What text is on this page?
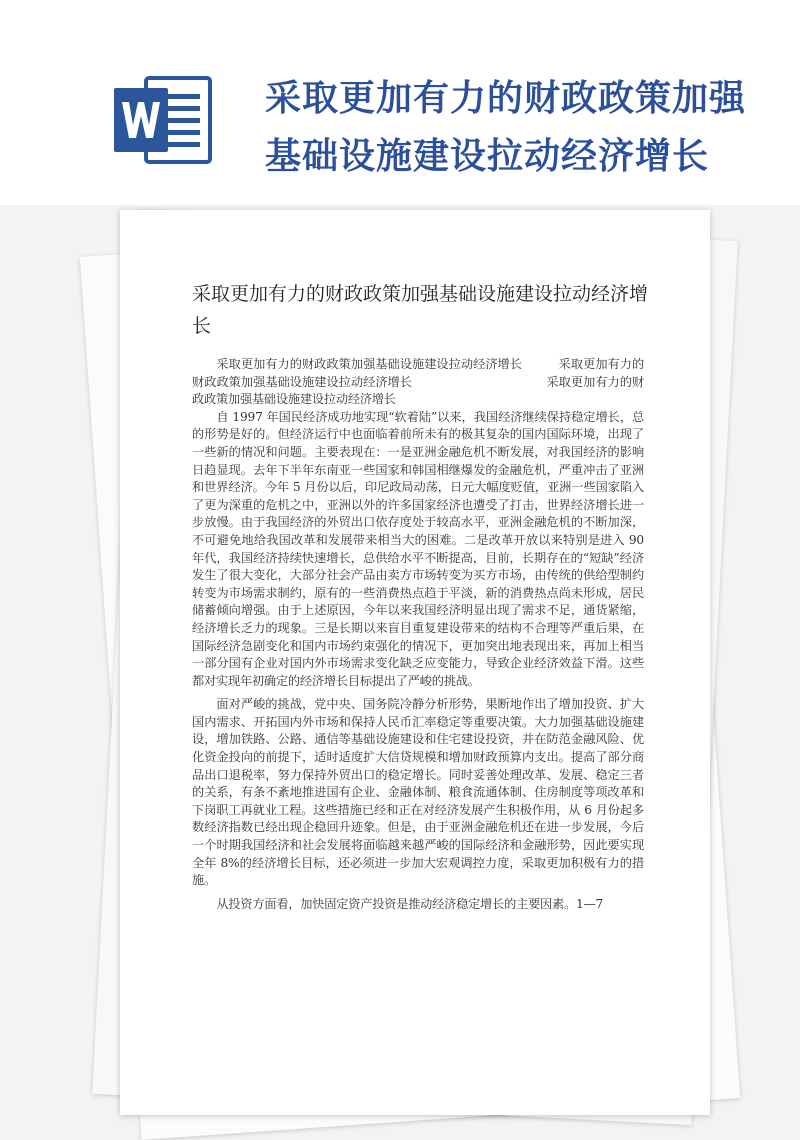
采取更加有力的财政政策加强基础设施建设拉动经济增长
采取更加有力的财政政策加强基础设施建设拉动经济增长

采取更加有力的财政政策加强基础设施建设拉动经济增长　　　采取更加有力的财政政策加强基础设施建设拉动经济增长　　　　　　　　　　　采取更加有力的财政政策加强基础设施建设拉动经济增长

自 1997 年国民经济成功地实现“软着陆”以来，我国经济继续保持稳定增长，总的形势是好的。但经济运行中也面临着前所未有的极其复杂的国内国际环境，出现了一些新的情况和问题。主要表现在：一是亚洲金融危机不断发展，对我国经济的影响日趋显现。去年下半年东南亚一些国家和韩国相继爆发的金融危机，严重冲击了亚洲和世界经济。今年 5 月份以后，印尼政局动荡，日元大幅度贬值，亚洲一些国家陷入了更为深重的危机之中，亚洲以外的许多国家经济也遭受了打击，世界经济增长进一步放慢。由于我国经济的外贸出口依存度处于较高水平，亚洲金融危机的不断加深，不可避免地给我国改革和发展带来相当大的困难。二是改革开放以来特别是进入 90 年代，我国经济持续快速增长，总供给水平不断提高，目前，长期存在的“短缺”经济发生了很大变化，大部分社会产品由卖方市场转变为买方市场，由传统的供给型制约转变为市场需求制约，原有的一些消费热点趋于平淡，新的消费热点尚未形成，居民储蓄倾向增强。由于上述原因，今年以来我国经济明显出现了需求不足，通货紧缩，经济增长乏力的现象。三是长期以来盲目重复建设带来的结构不合理等严重后果，在国际经济急剧变化和国内市场约束强化的情况下，更加突出地表现出来，再加上相当一部分国有企业对国内外市场需求变化缺乏应变能力，导致企业经济效益下滑。这些都对实现年初确定的经济增长目标提出了严峻的挑战。

面对严峻的挑战，党中央、国务院冷静分析形势，果断地作出了增加投资、扩大国内需求、开拓国内外市场和保持人民币汇率稳定等重要决策。大力加强基础设施建设，增加铁路、公路、通信等基础设施建设和住宅建设投资，并在防范金融风险、优化资金投向的前提下，适时适度扩大信贷规模和增加财政预算内支出。提高了部分商品出口退税率，努力保持外贸出口的稳定增长。同时妥善处理改革、发展、稳定三者的关系，有条不紊地推进国有企业、金融体制、粮食流通体制、住房制度等项改革和下岗职工再就业工程。这些措施已经和正在对经济发展产生积极作用，从 6 月份起多数经济指数已经出现企稳回升迹象。但是，由于亚洲金融危机还在进一步发展，今后一个时期我国经济和社会发展将面临越来越严峻的国际经济和金融形势，因此要实现全年 8%的经济增长目标，还必须进一步加大宏观调控力度，采取更加积极有力的措施。

从投资方面看，加快固定资产投资是推动经济稳定增长的主要因素。1—7
